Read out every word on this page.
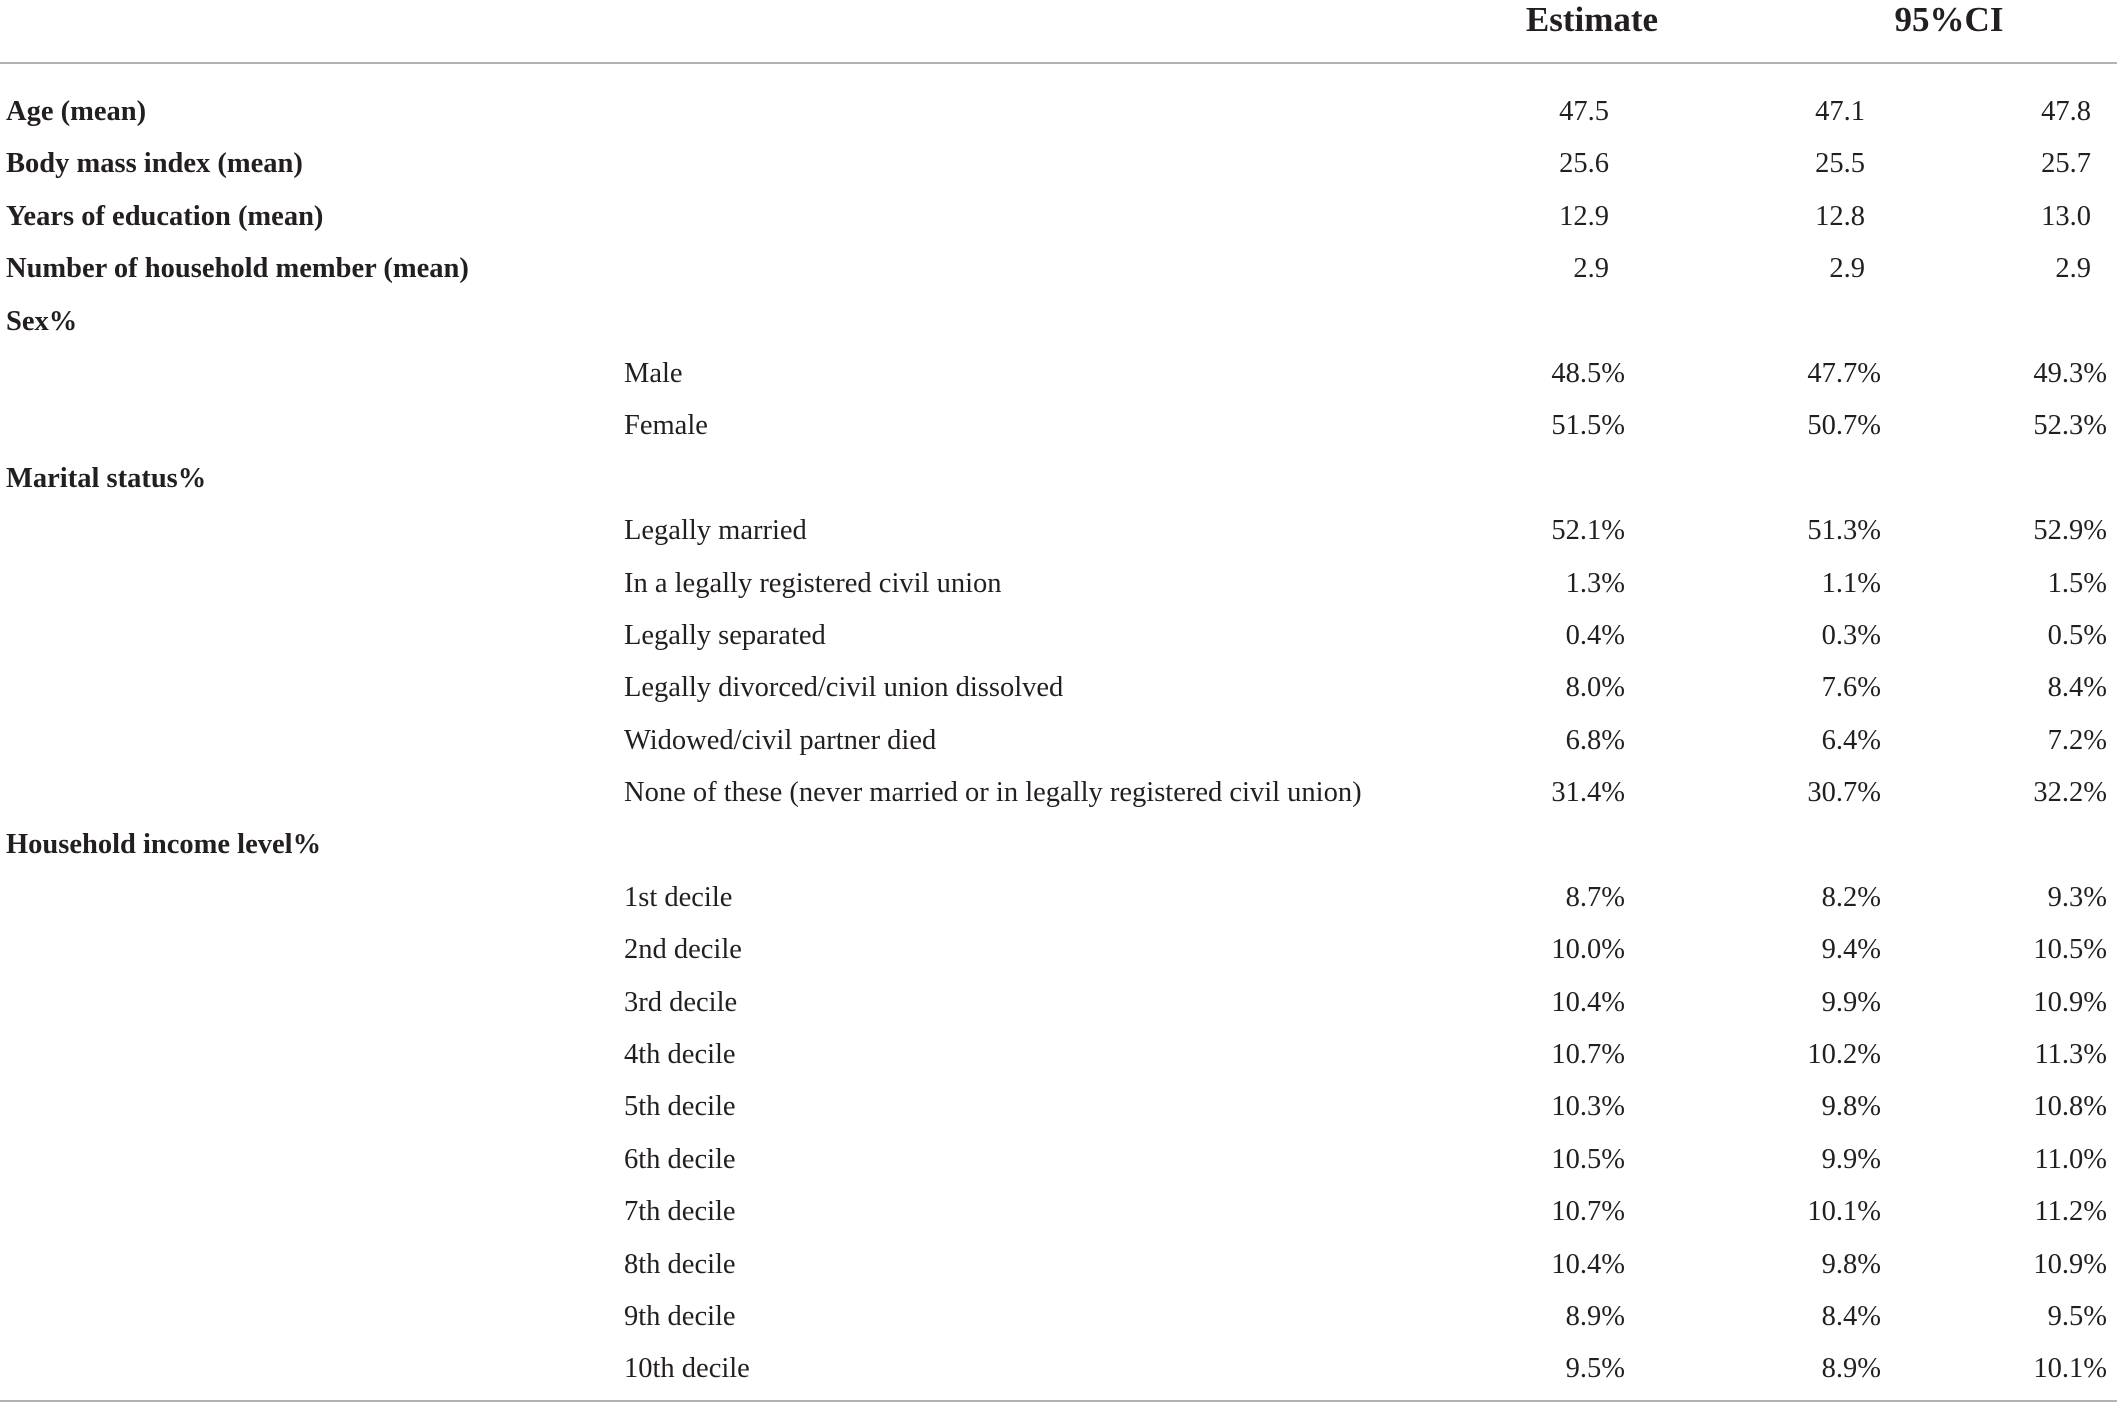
Estimate	95%CI
Age (mean)	47.5	47.1	47.8
Body mass index (mean)	25.6	25.5	25.7
Years of education (mean)	12.9	12.8	13.0
Number of household member (mean)	2.9	2.9	2.9
Sex%
Male	48.5%	47.7%	49.3%
Female	51.5%	50.7%	52.3%
Marital status%
Legally married	52.1%	51.3%	52.9%
In a legally registered civil union	1.3%	1.1%	1.5%
Legally separated	0.4%	0.3%	0.5%
Legally divorced/civil union dissolved	8.0%	7.6%	8.4%
Widowed/civil partner died	6.8%	6.4%	7.2%
None of these (never married or in legally registered civil union)	31.4%	30.7%	32.2%
Household income level%
1st decile	8.7%	8.2%	9.3%
2nd decile	10.0%	9.4%	10.5%
3rd decile	10.4%	9.9%	10.9%
4th decile	10.7%	10.2%	11.3%
5th decile	10.3%	9.8%	10.8%
6th decile	10.5%	9.9%	11.0%
7th decile	10.7%	10.1%	11.2%
8th decile	10.4%	9.8%	10.9%
9th decile	8.9%	8.4%	9.5%
10th decile	9.5%	8.9%	10.1%
